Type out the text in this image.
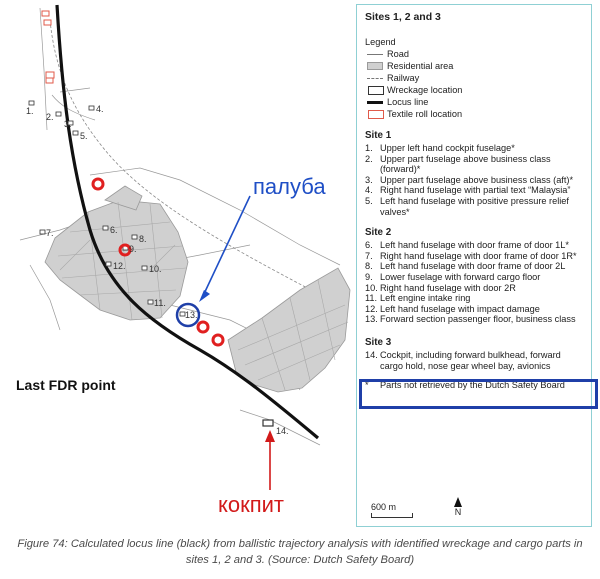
1.
2.
3.
4.
5.
6.
7.
8.
9.
10.
11.
12.
13.
14.
Last FDR point
палуба
кокпит
Sites 1, 2 and 3
Legend
Road
Residential area
Railway
Wreckage location
Locus line
Textile roll location
Site 1
1. Upper left hand cockpit fuselage*
2. Upper part fuselage above business class (forward)*
3. Upper part fuselage above business class (aft)*
4. Right hand fuselage with partial text “Malaysia”
5. Left hand fuselage with positive pressure relief valves*
Site 2
6. Left hand fuselage with door frame of door 1L*
7. Right hand fuselage with door frame of door 1R*
8. Left hand fuselage with door frame of door 2L
9. Lower fuselage with forward cargo floor
10. Right hand fuselage with door 2R
11. Left engine intake ring
12. Left hand fuselage with impact damage
13. Forward section passenger floor, business class
Site 3
14. Cockpit, including forward bulkhead, forward cargo hold, nose gear wheel bay, avionics
*	Parts not retrieved by the Dutch Safety Board
600 m	N
Figure 74: Calculated locus line (black) from ballistic trajectory analysis with identified wreckage and cargo parts in sites 1, 2 and 3. (Source: Dutch Safety Board)
